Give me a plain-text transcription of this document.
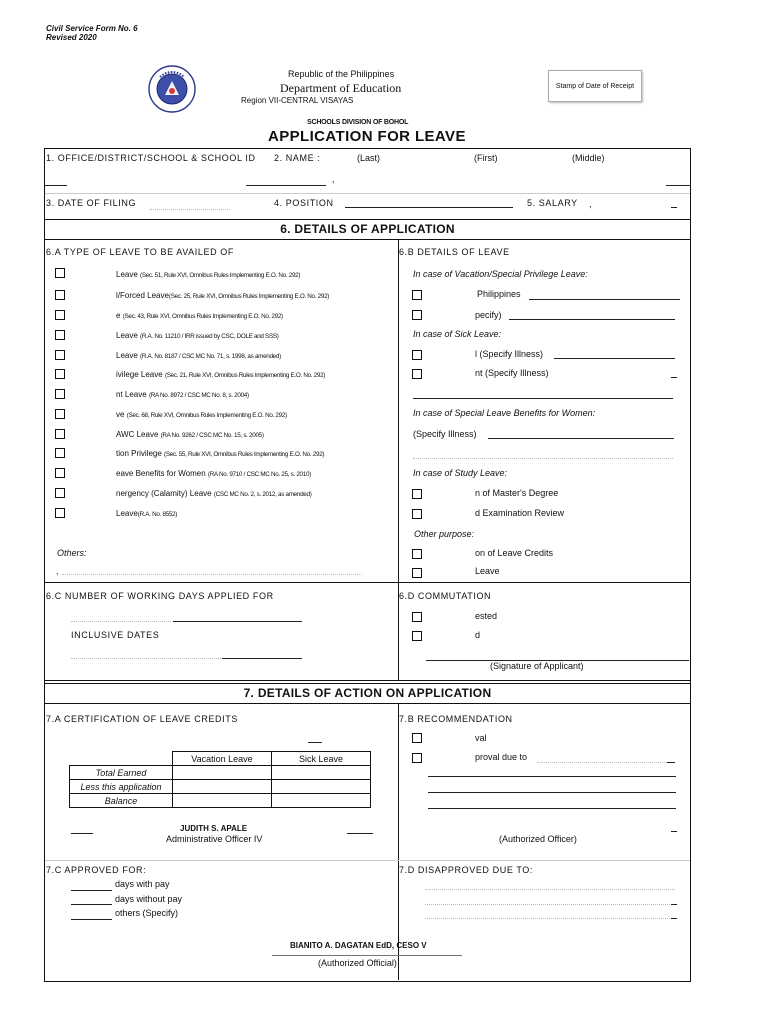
Civil Service Form No. 6
Revised 2020
Republic of the Philippines
Department of Education
Region VII-CENTRAL VISAYAS
SCHOOLS DIVISION OF BOHOL
APPLICATION FOR LEAVE
Stamp of Date of Receipt
1. OFFICE/DISTRICT/SCHOOL & SCHOOL ID 2. NAME :	(Last)	(First)	(Middle)
,
3. DATE OF FILING	4. POSITION	5. SALARY ,
6. DETAILS OF APPLICATION
6.A TYPE OF LEAVE TO BE AVAILED OF	6.B DETAILS OF LEAVE
Leave (Sec. 51, Rule XVI, Omnibus Rules Implementing E.O. No. 292)
l/Forced Leave(Sec. 25, Rule XVI, Omnibus Rules Implementing E.O. No. 292)
e (Sec. 43, Rule XVI, Omnibus Rules Implementing E.O. No. 292)
Leave (R.A. No. 11210 / IRR issued by CSC, DOLE and SSS)
Leave (R.A. No. 8187 / CSC MC No. 71, s. 1998, as amended)
ivilege Leave (Sec. 21, Rule XVI, Omnibus Rules Implementing E.O. No. 292)
nt Leave (RA No. 8972 / CSC MC No. 8, s. 2004)
ve (Sec. 68, Rule XVI, Omnibus Rules Implementing E.O. No. 292)
AWC Leave (RA No. 9262 / CSC MC No. 15, s. 2005)
tion Privilege (Sec. 55, Rule XVI, Omnibus Rules Implementing E.O. No. 292)
eave Benefits for Women (RA No. 9710 / CSC MC No. 25, s. 2010)
nergency (Calamity) Leave (CSC MC No. 2, s. 2012, as amended)
Leave(R.A. No. 8552)
Others:
,
In case of Vacation/Special Privilege Leave:
Philippines
pecify)
In case of Sick Leave:
l (Specify Illness)
nt (Specify Illness)
In case of Special Leave Benefits for Women:
(Specify Illness)
In case of Study Leave:
n of Master's Degree
d Examination Review
Other purpose:
on of Leave Credits
Leave
6.C NUMBER OF WORKING DAYS APPLIED FOR
INCLUSIVE DATES
6.D COMMUTATION
ested
d
(Signature of Applicant)
7. DETAILS OF ACTION ON APPLICATION
7.A CERTIFICATION OF LEAVE CREDITS
	Vacation Leave	Sick Leave
Total Earned		
Less this application		
Balance		
JUDITH S. APALE
Administrative Officer IV
7.B RECOMMENDATION
val
proval due to
(Authorized Officer)
7.C APPROVED FOR:
days with pay
days without pay
others (Specify)
7.D DISAPPROVED DUE TO:
BIANITO A. DAGATAN EdD, CESO V
(Authorized Official)
